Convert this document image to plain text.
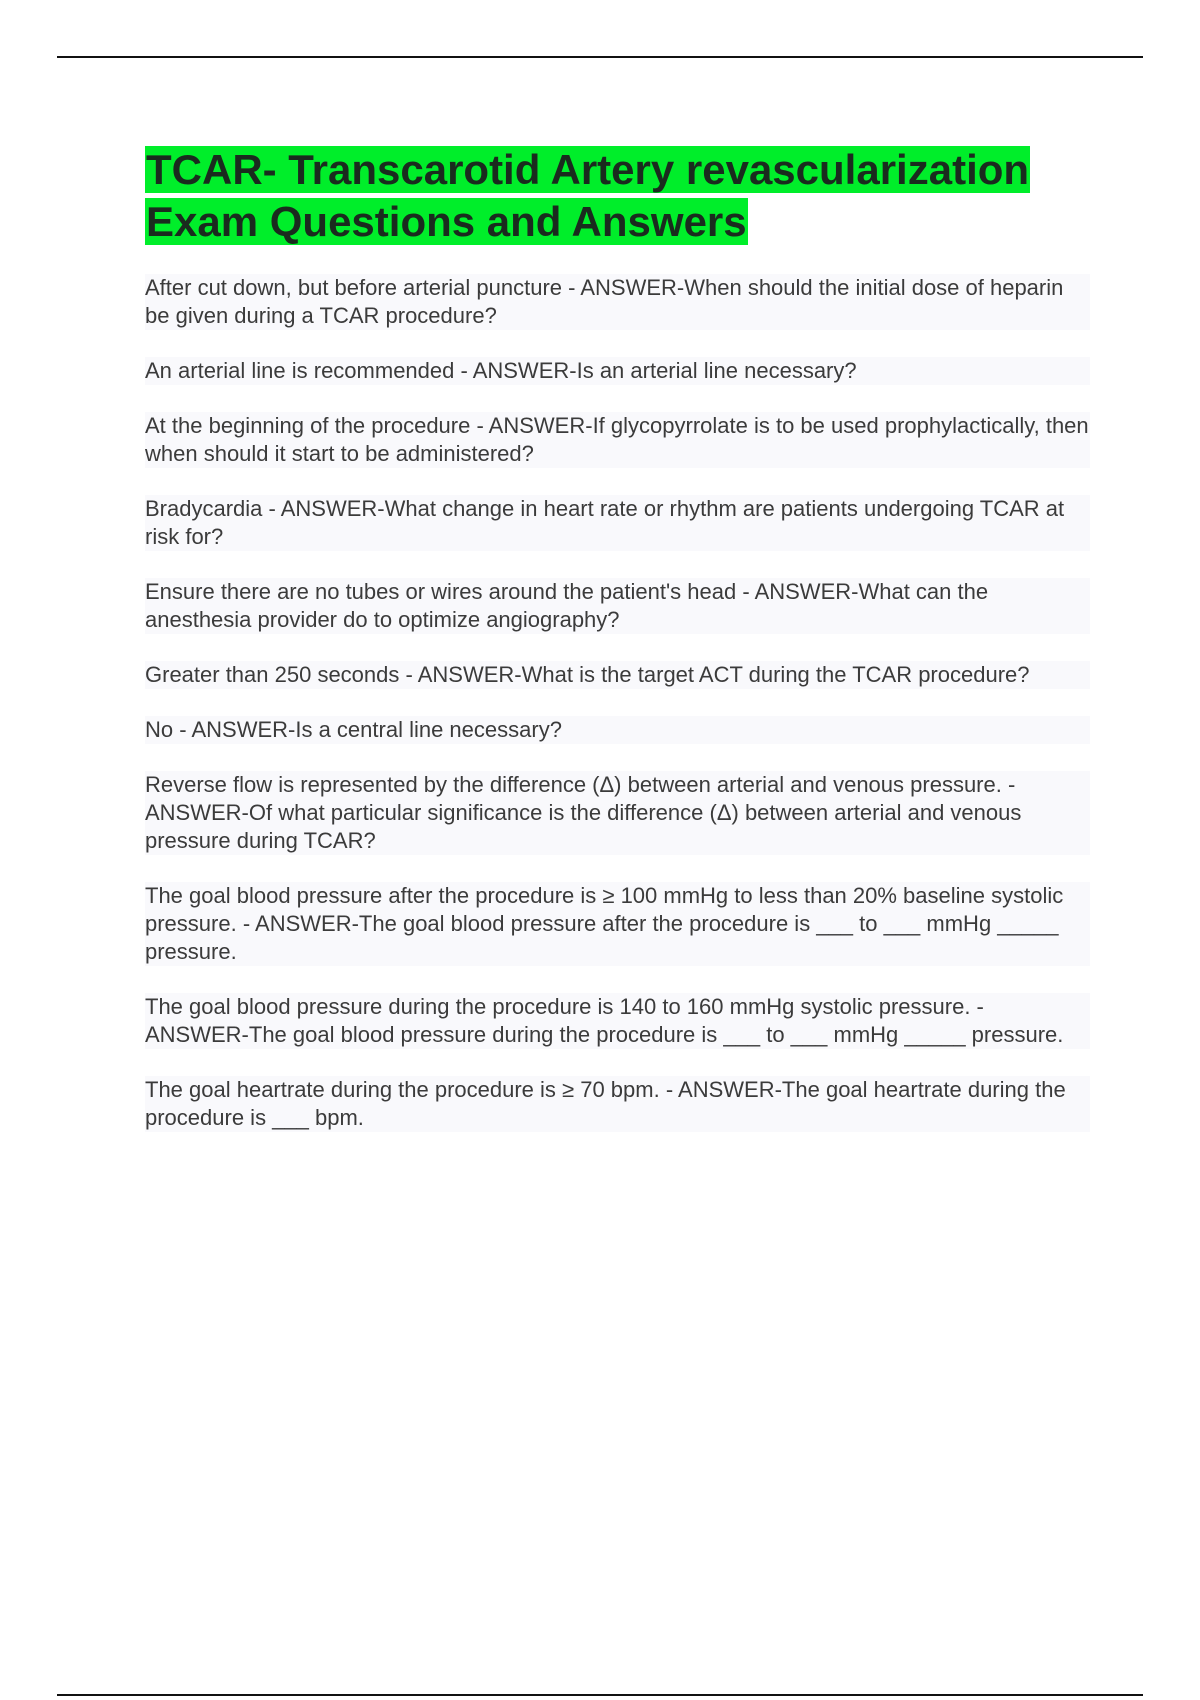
TCAR- Transcarotid Artery revascularization Exam Questions and Answers
After cut down, but before arterial puncture - ANSWER-When should the initial dose of heparin be given during a TCAR procedure?
An arterial line is recommended - ANSWER-Is an arterial line necessary?
At the beginning of the procedure - ANSWER-If glycopyrrolate is to be used prophylactically, then when should it start to be administered?
Bradycardia - ANSWER-What change in heart rate or rhythm are patients undergoing TCAR at risk for?
Ensure there are no tubes or wires around the patient's head - ANSWER-What can the anesthesia provider do to optimize angiography?
Greater than 250 seconds - ANSWER-What is the target ACT during the TCAR procedure?
No - ANSWER-Is a central line necessary?
Reverse flow is represented by the difference (Δ) between arterial and venous pressure. - ANSWER-Of what particular significance is the difference (Δ) between arterial and venous pressure during TCAR?
The goal blood pressure after the procedure is ≥ 100 mmHg to less than 20% baseline systolic pressure. - ANSWER-The goal blood pressure after the procedure is ___ to ___ mmHg _____ pressure.
The goal blood pressure during the procedure is 140 to 160 mmHg systolic pressure. - ANSWER-The goal blood pressure during the procedure is ___ to ___ mmHg _____ pressure.
The goal heartrate during the procedure is ≥ 70 bpm. - ANSWER-The goal heartrate during the procedure is ___ bpm.
